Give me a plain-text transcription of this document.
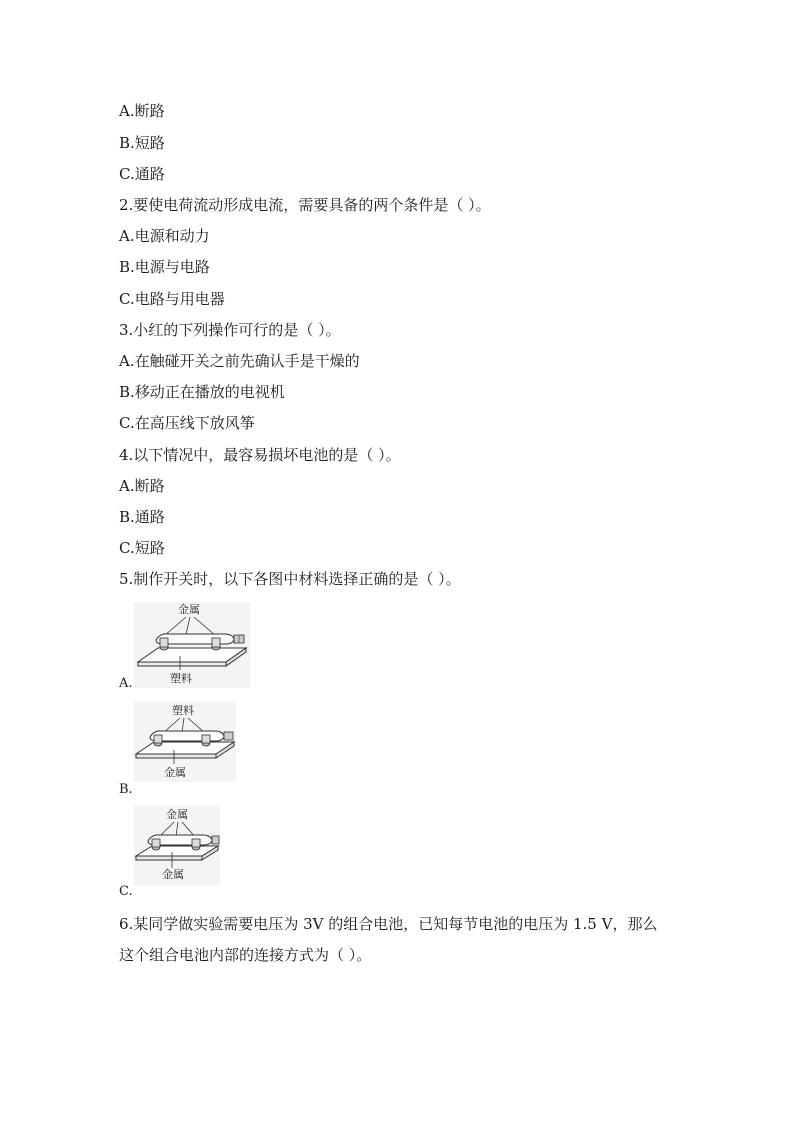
A.断路
B.短路
C.通路
2.要使电荷流动形成电流，需要具备的两个条件是（ ）。
A.电源和动力
B.电源与电路
C.电路与用电器
3.小红的下列操作可行的是（ ）。
A.在触碰开关之前先确认手是干燥的
B.移动正在播放的电视机
C.在高压线下放风筝
4.以下情况中，最容易损坏电池的是（ ）。
A.断路
B.通路
C.短路
5.制作开关时，以下各图中材料选择正确的是（ ）。
金属
塑料
A.
塑料
金属
B.
金属
金属
C.
6.某同学做实验需要电压为 3V 的组合电池，已知每节电池的电压为 1.5 V，那么
这个组合电池内部的连接方式为（ ）。
